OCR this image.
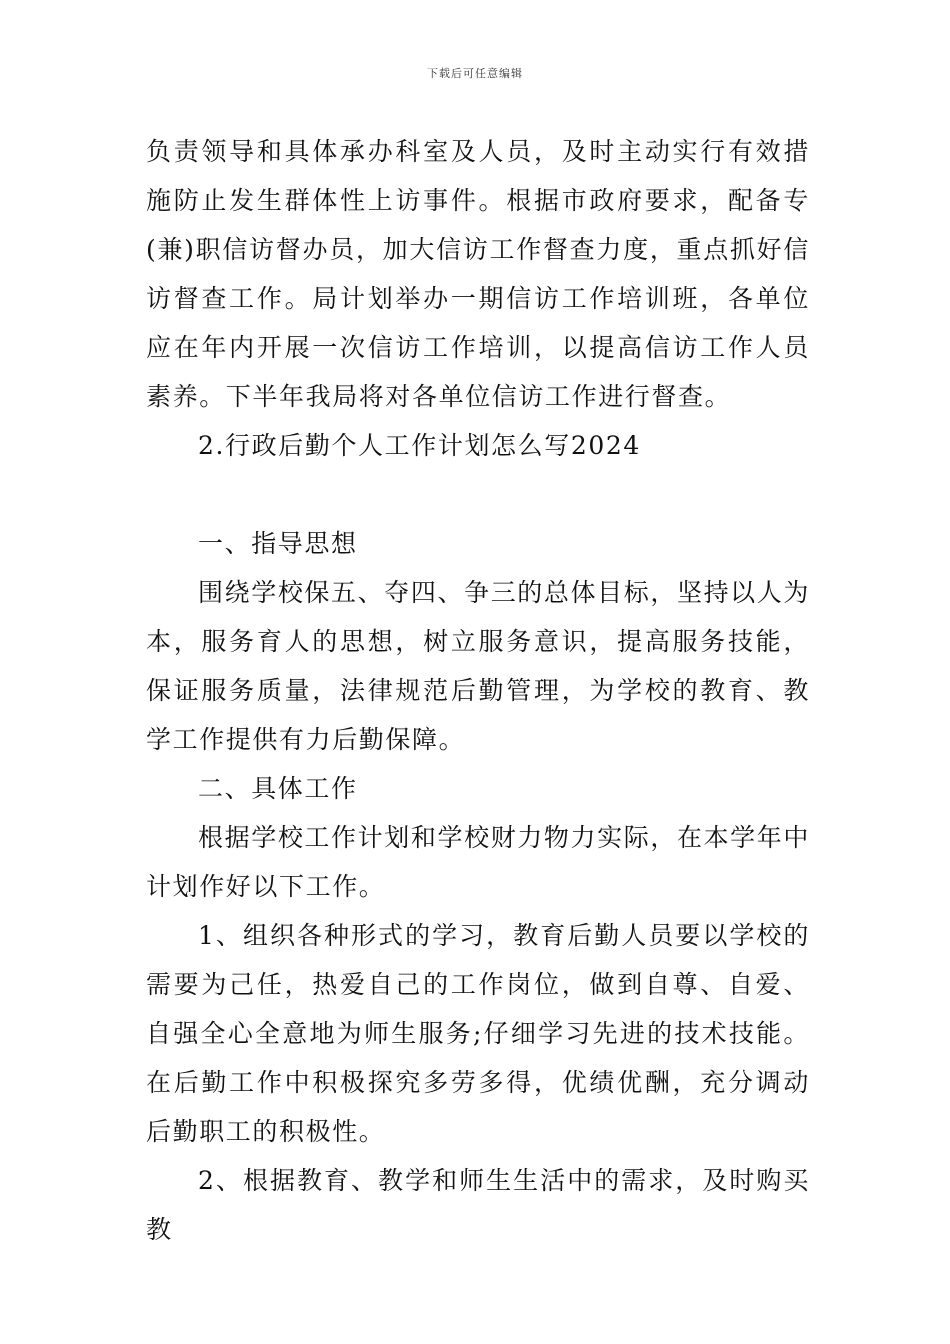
下载后可任意编辑

负责领导和具体承办科室及人员，及时主动实行有效措施防止发生群体性上访事件。根据市政府要求，配备专(兼)职信访督办员，加大信访工作督查力度，重点抓好信访督查工作。局计划举办一期信访工作培训班，各单位应在年内开展一次信访工作培训，以提高信访工作人员素养。下半年我局将对各单位信访工作进行督查。

2.行政后勤个人工作计划怎么写2024

一、指导思想

围绕学校保五、夺四、争三的总体目标，坚持以人为本，服务育人的思想，树立服务意识，提高服务技能，保证服务质量，法律规范后勤管理，为学校的教育、教学工作提供有力后勤保障。

二、具体工作

根据学校工作计划和学校财力物力实际，在本学年中计划作好以下工作。

1、组织各种形式的学习，教育后勤人员要以学校的需要为己任，热爱自己的工作岗位，做到自尊、自爱、自强全心全意地为师生服务;仔细学习先进的技术技能。在后勤工作中积极探究多劳多得，优绩优酬，充分调动后勤职工的积极性。

2、根据教育、教学和师生生活中的需求，及时购买教
